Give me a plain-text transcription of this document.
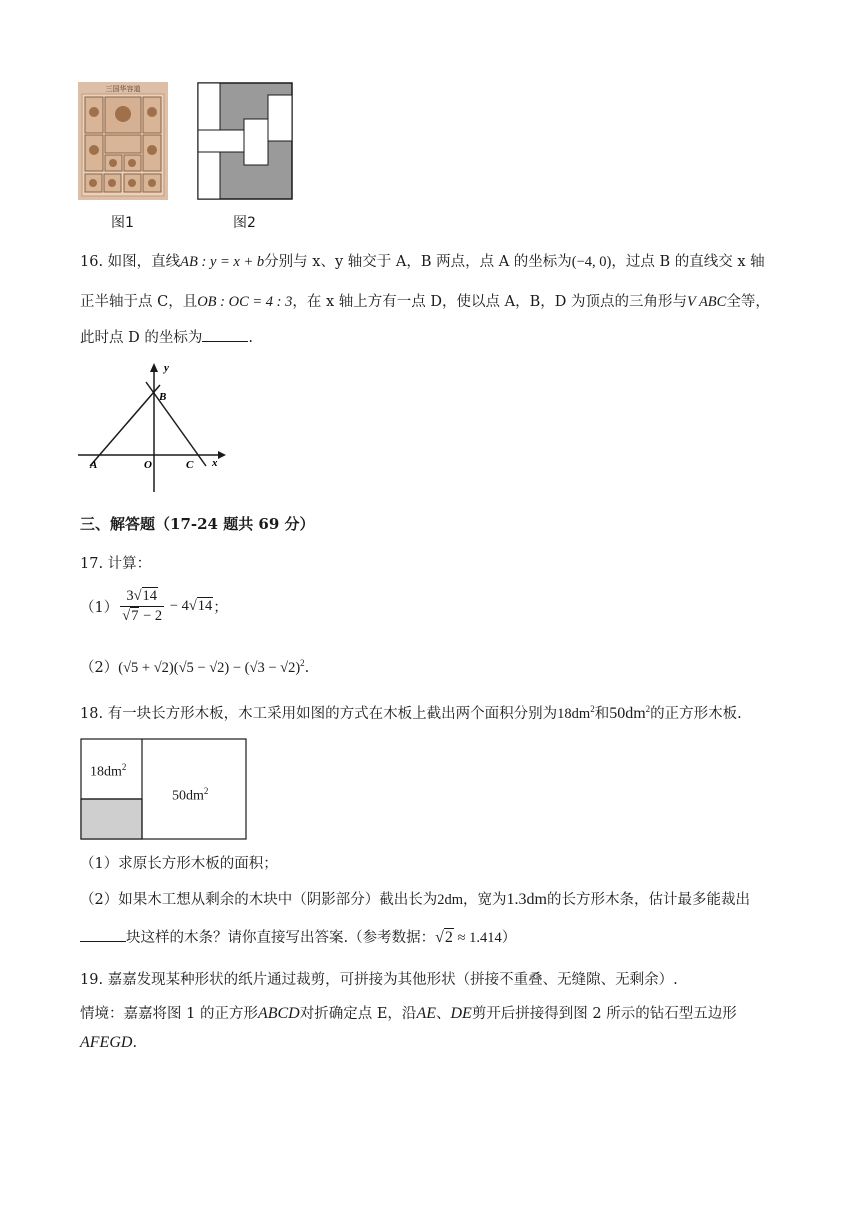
三国华容道
图1	图2
16. 如图，直线AB : y = x + b分别与 x、y 轴交于 A，B 两点，点 A 的坐标为(−4, 0)，过点 B 的直线交 x 轴
正半轴于点 C，且OB : OC = 4 : 3，在 x 轴上方有一点 D，使以点 A，B，D 为顶点的三角形与V ABC全等，
此时点 D 的坐标为	.
y
x
A
B
O	C
三、解答题（17-24 题共 69 分）
17. 计算：
$(1) \frac{3√14}{√7 - 2} - 4√14$；
$(2)(√5 + √2)(√5 - √2) - (√3 - √2)^2$.
18. 有一块长方形木板，木工采用如图的方式在木板上截出两个面积分别为$18dm^2$和$50dm^2$的正方形木板.
$18dm^2$
$50dm^2$
（1）求原长方形木板的面积；
（2）如果木工想从剩余的木块中（阴影部分）截出长为2dm，宽为1.3dm的长方形木条，估计最多能裁出
块这样的木条？请你直接写出答案.（参考数据：√2 ≈ 1.414）
19. 嘉嘉发现某种形状的纸片通过裁剪，可拼接为其他形状（拼接不重叠、无缝隙、无剩余）.
情境：嘉嘉将图 1 的正方形ABCD对折确定点 E，沿AE、DE剪开后拼接得到图 2 所示的钻石型五边形
AFEGD.
